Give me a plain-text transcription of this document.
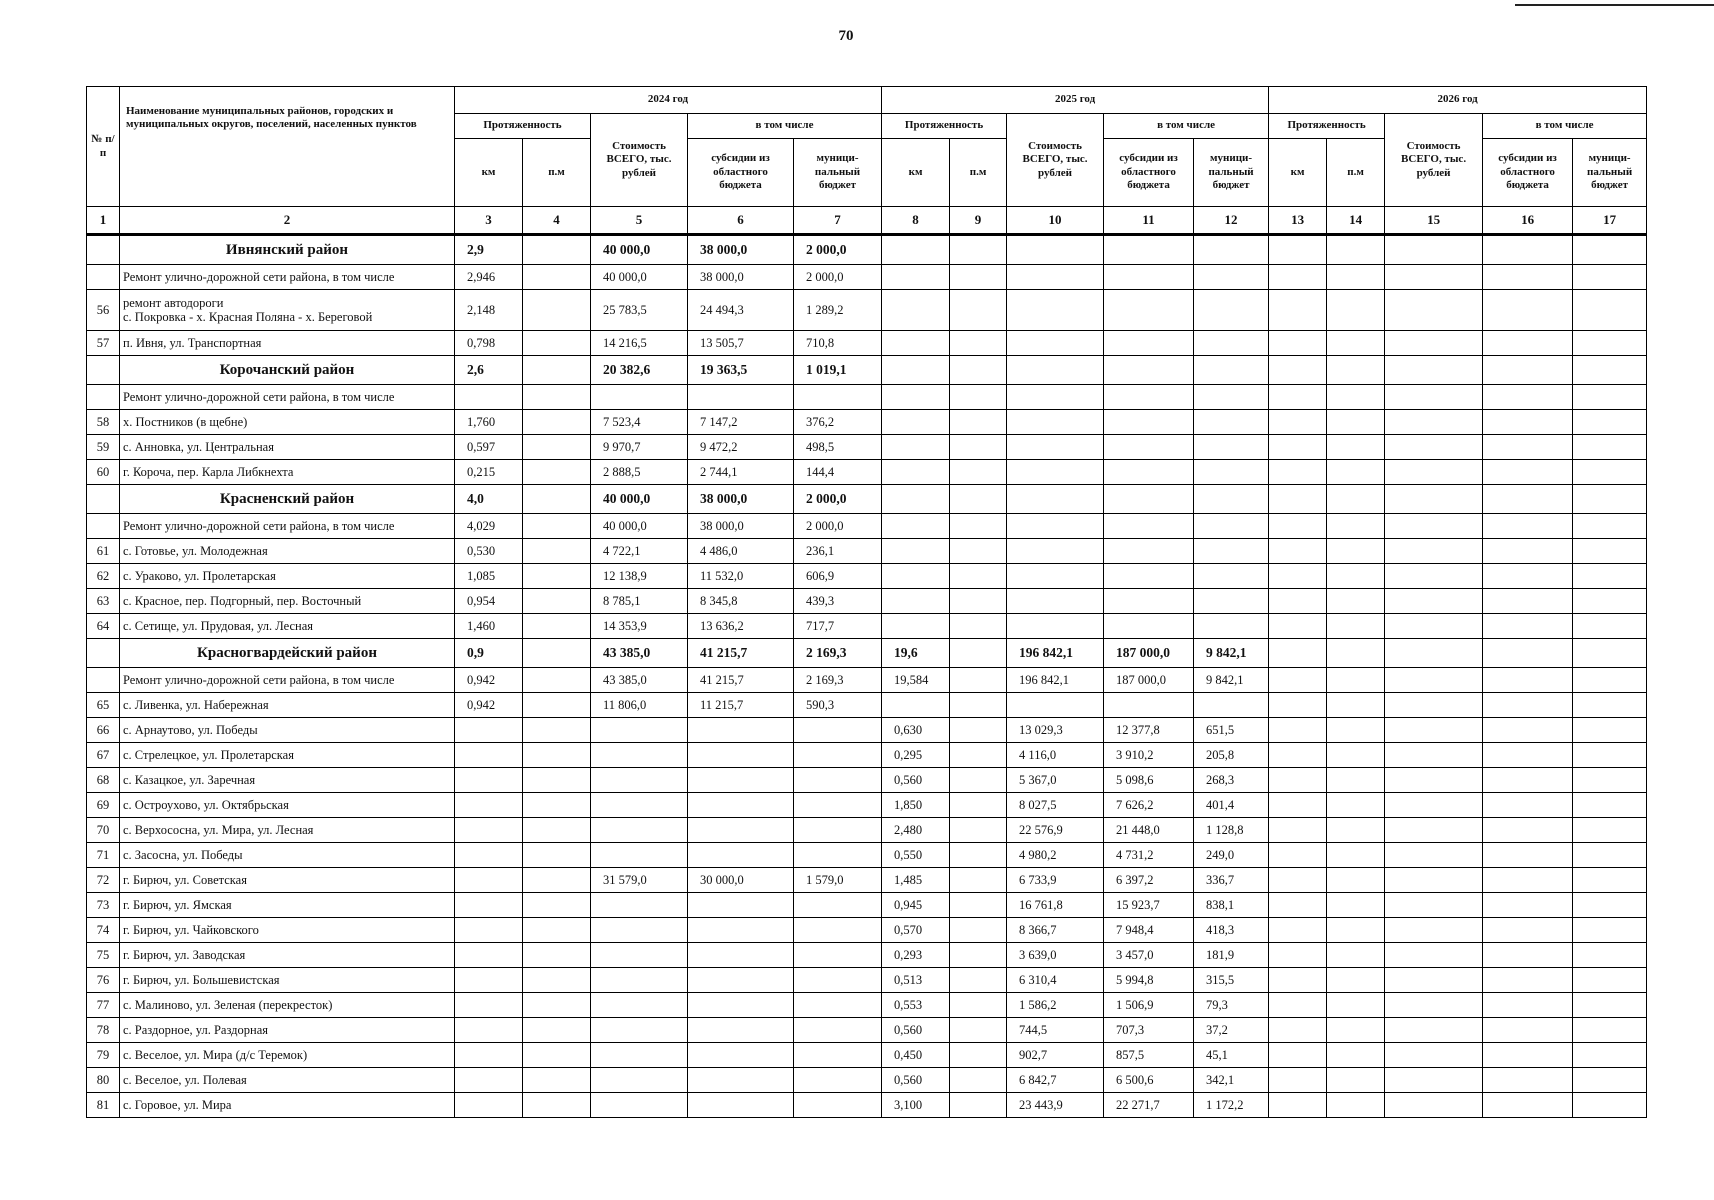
70
№ п/п	Наименование муниципальных районов, городских и муниципальных округов, поселений, населенных пунктов	2024 год					2025 год					2026 год				
		Протяженность		Стоимость ВСЕГО, тыс. рублей	в том числе		Протяженность		Стоимость ВСЕГО, тыс. рублей	в том числе		Протяженность		Стоимость ВСЕГО, тыс. рублей	в том числе	
		км	п.м		субсидии из областного бюджета	муници-пальный бюджет	км	п.м		субсидии из областного бюджета	муници-пальный бюджет	км	п.м		субсидии из областного бюджета	муници-пальный бюджет
1	2	3	4	5	6	7	8	9	10	11	12	13	14	15	16	17
	Ивнянский район	2,9		40 000,0	38 000,0	2 000,0										
	Ремонт улично-дорожной сети района, в том числе	2,946		40 000,0	38 000,0	2 000,0										
56	ремонт автодороги
с. Покровка - х. Красная Поляна - х. Береговой	2,148		25 783,5	24 494,3	1 289,2										
57	п. Ивня, ул. Транспортная	0,798		14 216,5	13 505,7	710,8										
	Корочанский район	2,6		20 382,6	19 363,5	1 019,1										
	Ремонт улично-дорожной сети района, в том числе															
58	х. Постников (в щебне)	1,760		7 523,4	7 147,2	376,2										
59	с. Анновка, ул. Центральная	0,597		9 970,7	9 472,2	498,5										
60	г. Короча, пер. Карла Либкнехта	0,215		2 888,5	2 744,1	144,4										
	Красненский район	4,0		40 000,0	38 000,0	2 000,0										
	Ремонт улично-дорожной сети района, в том числе	4,029		40 000,0	38 000,0	2 000,0										
61	с. Готовье, ул. Молодежная	0,530		4 722,1	4 486,0	236,1										
62	с. Ураково, ул. Пролетарская	1,085		12 138,9	11 532,0	606,9										
63	с. Красное, пер. Подгорный, пер. Восточный	0,954		8 785,1	8 345,8	439,3										
64	с. Сетище, ул. Прудовая, ул. Лесная	1,460		14 353,9	13 636,2	717,7										
	Красногвардейский район	0,9		43 385,0	41 215,7	2 169,3	19,6		196 842,1	187 000,0	9 842,1					
	Ремонт улично-дорожной сети района, в том числе	0,942		43 385,0	41 215,7	2 169,3	19,584		196 842,1	187 000,0	9 842,1					
65	с. Ливенка, ул. Набережная	0,942		11 806,0	11 215,7	590,3										
66	с. Арнаутово, ул. Победы						0,630		13 029,3	12 377,8	651,5					
67	с. Стрелецкое, ул. Пролетарская						0,295		4 116,0	3 910,2	205,8					
68	с. Казацкое, ул. Заречная						0,560		5 367,0	5 098,6	268,3					
69	с. Остроухово, ул. Октябрьская						1,850		8 027,5	7 626,2	401,4					
70	с. Верхососна, ул. Мира, ул. Лесная						2,480		22 576,9	21 448,0	1 128,8					
71	с. Засосна, ул. Победы						0,550		4 980,2	4 731,2	249,0					
72	г. Бирюч, ул. Советская			31 579,0	30 000,0	1 579,0	1,485		6 733,9	6 397,2	336,7					
73	г. Бирюч, ул. Ямская						0,945		16 761,8	15 923,7	838,1					
74	г. Бирюч, ул. Чайковского						0,570		8 366,7	7 948,4	418,3					
75	г. Бирюч, ул. Заводская						0,293		3 639,0	3 457,0	181,9					
76	г. Бирюч, ул. Большевистская						0,513		6 310,4	5 994,8	315,5					
77	с. Малиново, ул. Зеленая (перекресток)						0,553		1 586,2	1 506,9	79,3					
78	с. Раздорное, ул. Раздорная						0,560		744,5	707,3	37,2					
79	с. Веселое, ул. Мира (д/с Теремок)						0,450		902,7	857,5	45,1					
80	с. Веселое, ул. Полевая						0,560		6 842,7	6 500,6	342,1					
81	с. Горовое, ул. Мира						3,100		23 443,9	22 271,7	1 172,2					
